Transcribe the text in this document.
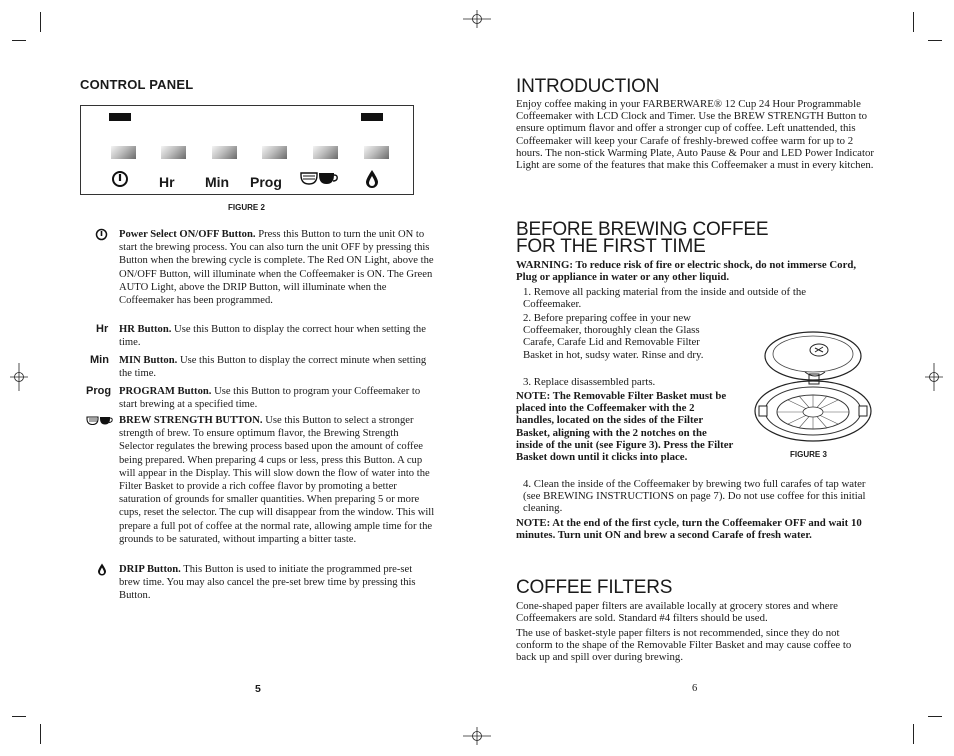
CONTROL PANEL
Hr Min Prog
FIGURE 2
Power Select ON/OFF Button. Press this Button to turn the unit ON to start the brewing process. You can also turn the unit OFF by pressing this Button when the brewing cycle is complete. The Red ON Light, above the ON/OFF Button, will illuminate when the Coffeemaker is ON. The Green AUTO Light, above the DRIP Button, will illuminate when the Coffeemaker has been programmed.
Hr HR Button. Use this Button to display the correct hour when setting the time.
Min MIN Button. Use this Button to display the correct minute when setting the time.
Prog PROGRAM Button. Use this Button to program your Coffeemaker to start brewing at a specified time.
BREW STRENGTH BUTTON. Use this Button to select a stronger strength of brew. To ensure optimum flavor, the Brewing Strength Selector regulates the brewing process based upon the amount of coffee being prepared. When preparing 4 cups or less, press this Button. A cup will appear in the Display. This will slow down the flow of water into the Filter Basket to provide a rich coffee flavor by promoting a better saturation of grounds for smaller quantities. When preparing 5 or more cups, reset the selector. The cup will disappear from the window. This will prepare a full pot of coffee at the normal rate, allowing ample time for the grounds to be saturated, without imparting a bitter taste.
DRIP Button. This Button is used to initiate the programmed pre-set brew time. You may also cancel the pre-set brew time by pressing this Button.
5
INTRODUCTION
Enjoy coffee making in your FARBERWARE® 12 Cup 24 Hour Programmable Coffeemaker with LCD Clock and Timer. Use the BREW STRENGTH Button to ensure optimum flavor and offer a stronger cup of coffee. Left unattended, this Coffeemaker will keep your Carafe of freshly-brewed coffee warm for up to 2 hours. The non-stick Warming Plate, Auto Pause & Pour and LED Power Indicator Light are some of the features that make this Coffeemaker a must in every kitchen.
BEFORE BREWING COFFEE
FOR THE FIRST TIME
WARNING: To reduce risk of fire or electric shock, do not immerse Cord, Plug or appliance in water or any other liquid.
1. Remove all packing material from the inside and outside of the Coffeemaker.
2. Before preparing coffee in your new Coffeemaker, thoroughly clean the Glass Carafe, Carafe Lid and Removable Filter Basket in hot, sudsy water. Rinse and dry.
3. Replace disassembled parts.
NOTE: The Removable Filter Basket must be placed into the Coffeemaker with the 2 handles, located on the sides of the Filter Basket, aligning with the 2 notches on the inside of the unit (see Figure 3). Press the Filter Basket down until it clicks into place.	FIGURE 3
4. Clean the inside of the Coffeemaker by brewing two full carafes of tap water (see BREWING INSTRUCTIONS on page 7). Do not use coffee for this initial cleaning.
NOTE: At the end of the first cycle, turn the Coffeemaker OFF and wait 10 minutes. Turn unit ON and brew a second Carafe of fresh water.
COFFEE FILTERS
Cone-shaped paper filters are available locally at grocery stores and where Coffeemakers are sold. Standard #4 filters should be used.
The use of basket-style paper filters is not recommended, since they do not conform to the shape of the Removable Filter Basket and may cause coffee to back up and spill over during brewing.
6
